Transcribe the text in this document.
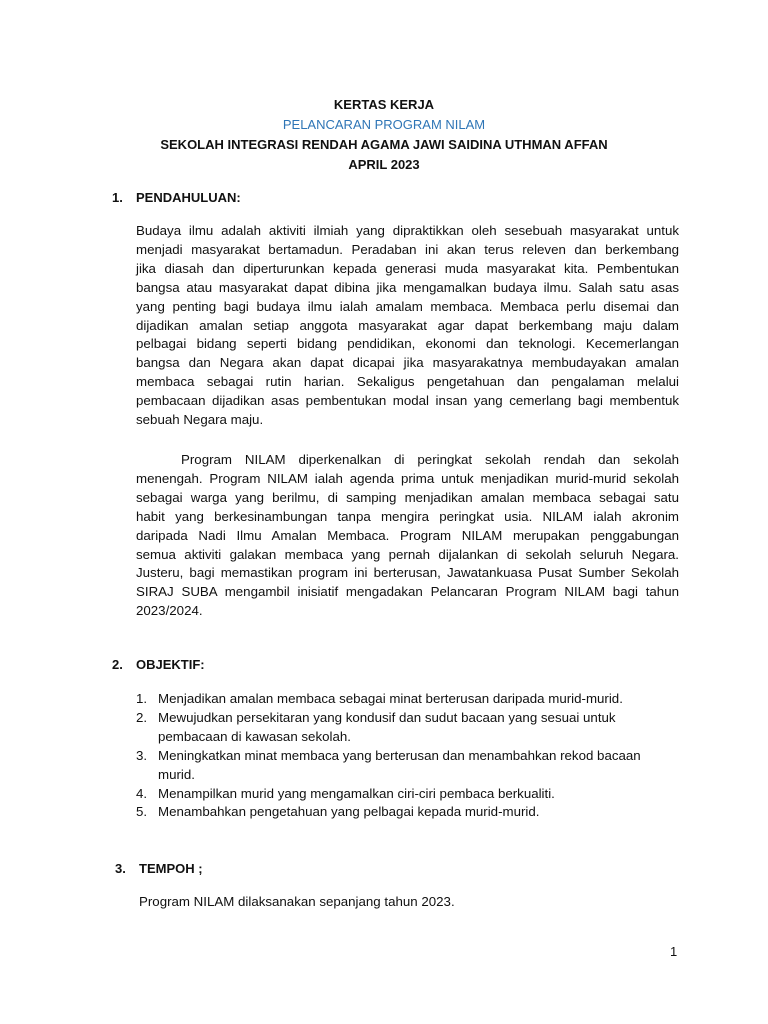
KERTAS KERJA
PELANCARAN PROGRAM NILAM
SEKOLAH INTEGRASI RENDAH AGAMA JAWI SAIDINA UTHMAN AFFAN
APRIL 2023
1. PENDAHULUAN:
Budaya ilmu adalah aktiviti ilmiah yang dipraktikkan oleh sesebuah masyarakat untuk
menjadi masyarakat bertamadun. Peradaban ini akan terus releven dan berkembang
jika diasah dan diperturunkan kepada generasi muda masyarakat kita. Pembentukan
bangsa atau masyarakat dapat dibina jika mengamalkan budaya ilmu. Salah satu asas
yang penting bagi budaya ilmu ialah amalam membaca. Membaca perlu disemai dan
dijadikan amalan setiap anggota masyarakat agar dapat berkembang maju dalam
pelbagai bidang seperti bidang pendidikan, ekonomi dan teknologi. Kecemerlangan
bangsa dan Negara akan dapat dicapai jika masyarakatnya membudayakan amalan
membaca sebagai rutin harian. Sekaligus pengetahuan dan pengalaman melalui
pembacaan dijadikan asas pembentukan modal insan yang cemerlang bagi membentuk
sebuah Negara maju.
Program NILAM diperkenalkan di peringkat sekolah rendah dan sekolah
menengah. Program NILAM ialah agenda prima untuk menjadikan murid-murid sekolah
sebagai warga yang berilmu, di samping menjadikan amalan membaca sebagai satu
habit yang berkesinambungan tanpa mengira peringkat usia. NILAM ialah akronim
daripada Nadi Ilmu Amalan Membaca. Program NILAM merupakan penggabungan
semua aktiviti galakan membaca yang pernah dijalankan di sekolah seluruh Negara.
Justeru, bagi memastikan program ini berterusan, Jawatankuasa Pusat Sumber Sekolah
SIRAJ SUBA mengambil inisiatif mengadakan Pelancaran Program NILAM bagi tahun
2023/2024.
2. OBJEKTIF:
1. Menjadikan amalan membaca sebagai minat berterusan daripada murid-murid.
2. Mewujudkan persekitaran yang kondusif dan sudut bacaan yang sesuai untuk
pembacaan di kawasan sekolah.
3. Meningkatkan minat membaca yang berterusan dan menambahkan rekod bacaan
murid.
4. Menampilkan murid yang mengamalkan ciri-ciri pembaca berkualiti.
5. Menambahkan pengetahuan yang pelbagai kepada murid-murid.
3. TEMPOH ;
Program NILAM dilaksanakan sepanjang tahun 2023.
1
